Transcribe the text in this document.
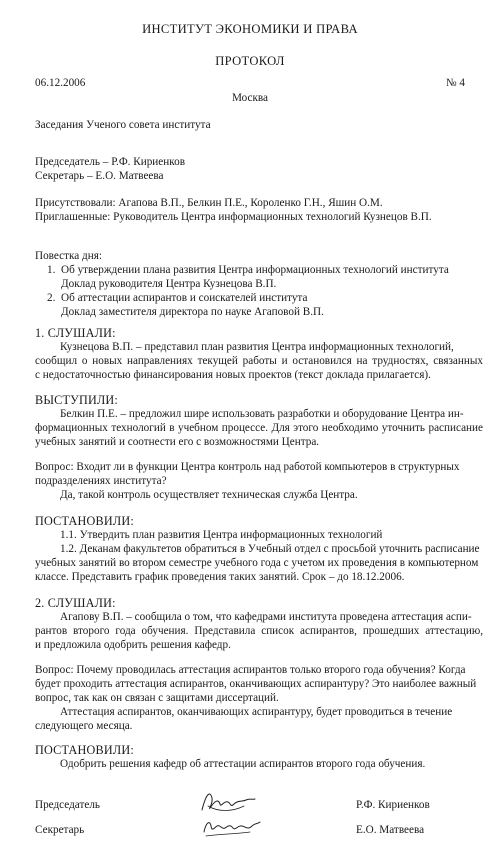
ИНСТИТУТ ЭКОНОМИКИ И ПРАВА
ПРОТОКОЛ
06.12.2006	№ 4
Москва
Заседания Ученого совета института
Председатель – Р.Ф. Кириенков
Секретарь – Е.О. Матвеева
Присутствовали: Агапова В.П., Белкин П.Е., Короленко Г.Н., Яшин О.М.
Приглашенные: Руководитель Центра информационных технологий Кузнецов В.П.
Повестка дня:
1. Об утверждении плана развития Центра информационных технологий института
Доклад руководителя Центра Кузнецова В.П.
2. Об аттестации аспирантов и соискателей института
Доклад заместителя директора по науке Агаповой В.П.
1. СЛУШАЛИ:
Кузнецова В.П. – представил план развития Центра информационных технологий,
сообщил о новых направлениях текущей работы и остановился на трудностях, связанных
с недостаточностью финансирования новых проектов (текст доклада прилагается).
ВЫСТУПИЛИ:
Белкин П.Е. – предложил шире использовать разработки и оборудование Центра ин-
формационных технологий в учебном процессе. Для этого необходимо уточнить расписание
учебных занятий и соотнести его с возможностями Центра.
Вопрос: Входит ли в функции Центра контроль над работой компьютеров в структурных
подразделениях института?
Да, такой контроль осуществляет техническая служба Центра.
ПОСТАНОВИЛИ:
1.1. Утвердить план развития Центра информационных технологий
1.2. Деканам факультетов обратиться в Учебный отдел с просьбой уточнить расписание
учебных занятий во втором семестре учебного года с учетом их проведения в компьютерном
классе. Представить график проведения таких занятий. Срок – до 18.12.2006.
2. СЛУШАЛИ:
Агапову В.П. – сообщила о том, что кафедрами института проведена аттестация аспи-
рантов второго года обучения. Представила список аспирантов, прошедших аттестацию,
и предложила одобрить решения кафедр.
Вопрос: Почему проводилась аттестация аспирантов только второго года обучения? Когда
будет проходить аттестация аспирантов, оканчивающих аспирантуру? Это наиболее важный
вопрос, так как он связан с защитами диссертаций.
Аттестация аспирантов, оканчивающих аспирантуру, будет проводиться в течение
следующего месяца.
ПОСТАНОВИЛИ:
Одобрить решения кафедр об аттестации аспирантов второго года обучения.
Председатель	Р.Ф. Кириенков
Секретарь	Е.О. Матвеева
